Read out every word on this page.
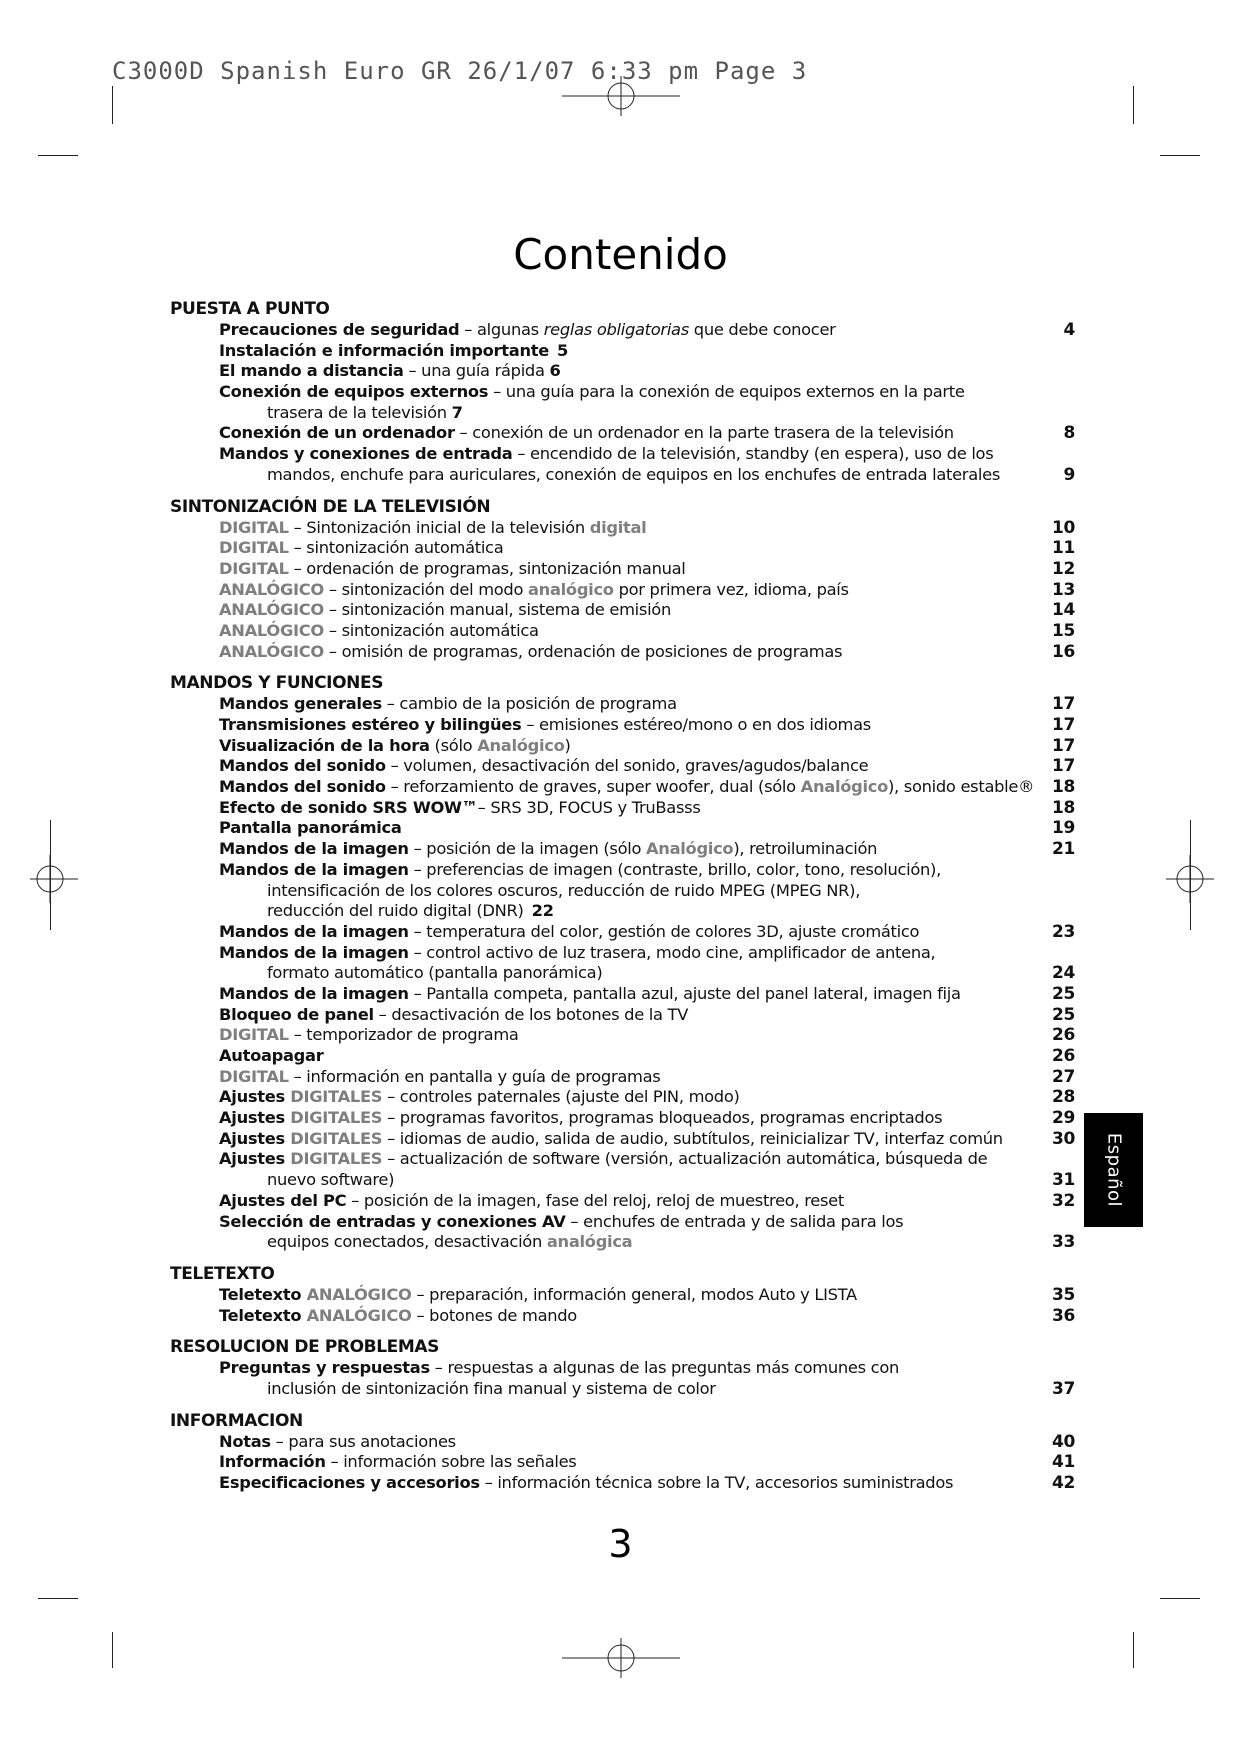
C3000D Spanish Euro GR 26/1/07 6:33 pm Page 3
Contenido
PUESTA A PUNTO
Precauciones de seguridad – algunas reglas obligatorias que debe conocer	4
Instalación e información importante 5
El mando a distancia – una guía rápida 6
Conexión de equipos externos – una guía para la conexión de equipos externos en la parte
trasera de la televisión 7
Conexión de un ordenador – conexión de un ordenador en la parte trasera de la televisión	8
Mandos y conexiones de entrada – encendido de la televisión, standby (en espera), uso de los
mandos, enchufe para auriculares, conexión de equipos en los enchufes de entrada laterales	9
SINTONIZACIÓN DE LA TELEVISIÓN
DIGITAL – Sintonización inicial de la televisión digital	10
DIGITAL – sintonización automática	11
DIGITAL – ordenación de programas, sintonización manual	12
ANALÓGICO – sintonización del modo analógico por primera vez, idioma, país	13
ANALÓGICO – sintonización manual, sistema de emisión	14
ANALÓGICO – sintonización automática	15
ANALÓGICO – omisión de programas, ordenación de posiciones de programas	16
MANDOS Y FUNCIONES
Mandos generales – cambio de la posición de programa	17
Transmisiones estéreo y bilingües – emisiones estéreo/mono o en dos idiomas	17
Visualización de la hora (sólo Analógico)	17
Mandos del sonido – volumen, desactivación del sonido, graves/agudos/balance	17
Mandos del sonido – reforzamiento de graves, super woofer, dual (sólo Analógico), sonido estable®	18
Efecto de sonido SRS WOW™– SRS 3D, FOCUS y TruBasss	18
Pantalla panorámica	19
Mandos de la imagen – posición de la imagen (sólo Analógico), retroiluminación	21
Mandos de la imagen – preferencias de imagen (contraste, brillo, color, tono, resolución),
intensificación de los colores oscuros, reducción de ruido MPEG (MPEG NR),
reducción del ruido digital (DNR) 22
Mandos de la imagen – temperatura del color, gestión de colores 3D, ajuste cromático	23
Mandos de la imagen – control activo de luz trasera, modo cine, amplificador de antena,
formato automático (pantalla panorámica)	24
Mandos de la imagen – Pantalla competa, pantalla azul, ajuste del panel lateral, imagen fija	25
Bloqueo de panel – desactivación de los botones de la TV	25
DIGITAL – temporizador de programa	26
Autoapagar	26
DIGITAL – información en pantalla y guía de programas	27
Ajustes DIGITALES – controles paternales (ajuste del PIN, modo)	28
Ajustes DIGITALES – programas favoritos, programas bloqueados, programas encriptados	29
Ajustes DIGITALES – idiomas de audio, salida de audio, subtítulos, reinicializar TV, interfaz común	30
Ajustes DIGITALES – actualización de software (versión, actualización automática, búsqueda de
nuevo software)	31
Ajustes del PC – posición de la imagen, fase del reloj, reloj de muestreo, reset	32
Selección de entradas y conexiones AV – enchufes de entrada y de salida para los
equipos conectados, desactivación analógica	33
TELETEXTO
Teletexto ANALÓGICO – preparación, información general, modos Auto y LISTA	35
Teletexto ANALÓGICO – botones de mando	36
RESOLUCION DE PROBLEMAS
Preguntas y respuestas – respuestas a algunas de las preguntas más comunes con
inclusión de sintonización fina manual y sistema de color	37
INFORMACION
Notas – para sus anotaciones	40
Información – información sobre las señales	41
Especificaciones y accesorios – información técnica sobre la TV, accesorios suministrados	42
3
Español
